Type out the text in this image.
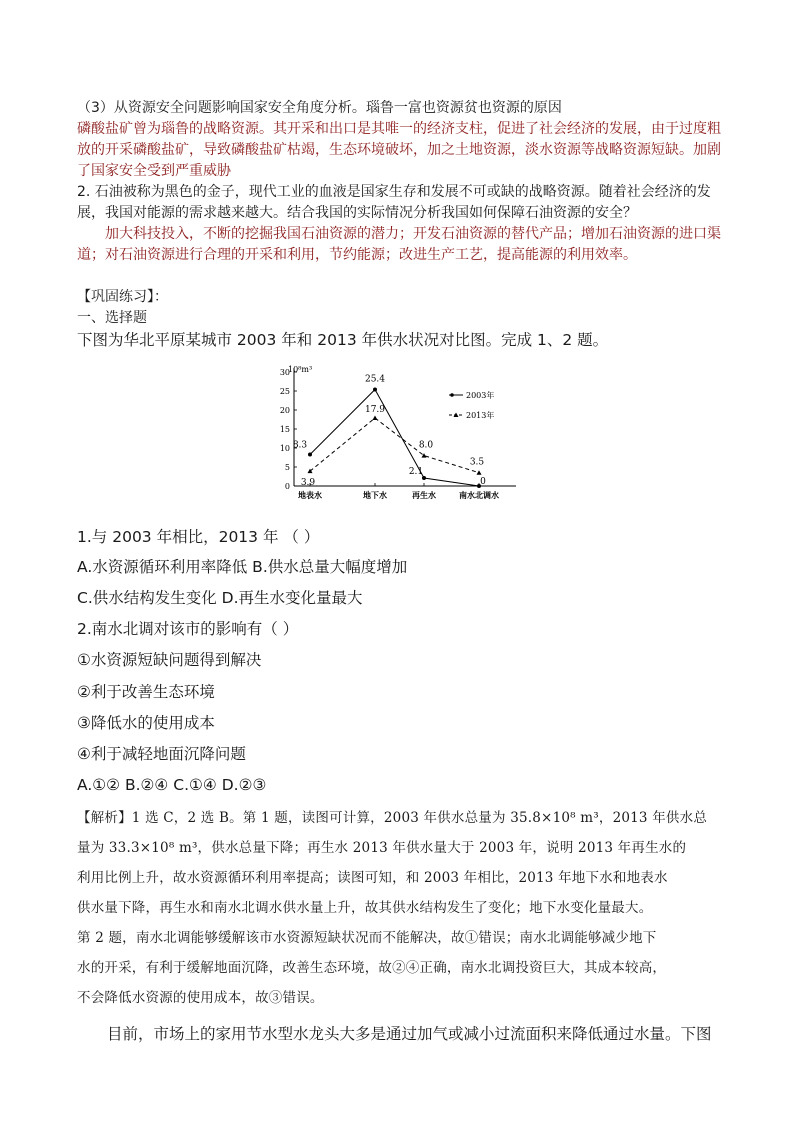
（3）从资源安全问题影响国家安全角度分析。瑙鲁一富也资源贫也资源的原因
磷酸盐矿曾为瑙鲁的战略资源。其开采和出口是其唯一的经济支柱，促进了社会经济的发展，由于过度粗
放的开采磷酸盐矿，导致磷酸盐矿枯竭，生态环境破坏，加之土地资源，淡水资源等战略资源短缺。加剧
了国家安全受到严重威胁
2. 石油被称为黑色的金子，现代工业的血液是国家生存和发展不可或缺的战略资源。随着社会经济的发
展，我国对能源的需求越来越大。结合我国的实际情况分析我国如何保障石油资源的安全？
加大科技投入，不断的挖掘我国石油资源的潜力；开发石油资源的替代产品；增加石油资源的进口渠
道；对石油资源进行合理的开采和利用，节约能源；改进生产工艺，提高能源的利用效率。
【巩固练习】：
一、选择题
下图为华北平原某城市 2003 年和 2013 年供水状况对比图。完成 1、2 题。
10⁸m³
0
5
10
15
20
25
30
地表水	地下水	再生水	南水北调水
8.3
25.4
2.1
0
3.9
17.9
8.0
3.5
2003年
2013年
1.与 2003 年相比，2013 年 （ ）
A.水资源循环利用率降低 B.供水总量大幅度增加
C.供水结构发生变化 D.再生水变化量最大
2.南水北调对该市的影响有（ ）
①水资源短缺问题得到解决
②利于改善生态环境
③降低水的使用成本
④利于减轻地面沉降问题
A.①② B.②④ C.①④ D.②③
【解析】1 选 C，2 选 B。第 1 题，读图可计算，2003 年供水总量为 35.8×10⁸ m³，2013 年供水总
量为 33.3×10⁸ m³，供水总量下降；再生水 2013 年供水量大于 2003 年，说明 2013 年再生水的
利用比例上升，故水资源循环利用率提高；读图可知，和 2003 年相比，2013 年地下水和地表水
供水量下降，再生水和南水北调水供水量上升，故其供水结构发生了变化；地下水变化量最大。
第 2 题，南水北调能够缓解该市水资源短缺状况而不能解决，故①错误；南水北调能够减少地下
水的开采，有利于缓解地面沉降，改善生态环境，故②④正确，南水北调投资巨大，其成本较高，
不会降低水资源的使用成本，故③错误。
目前，市场上的家用节水型水龙头大多是通过加气或减小过流面积来降低通过水量。下图
